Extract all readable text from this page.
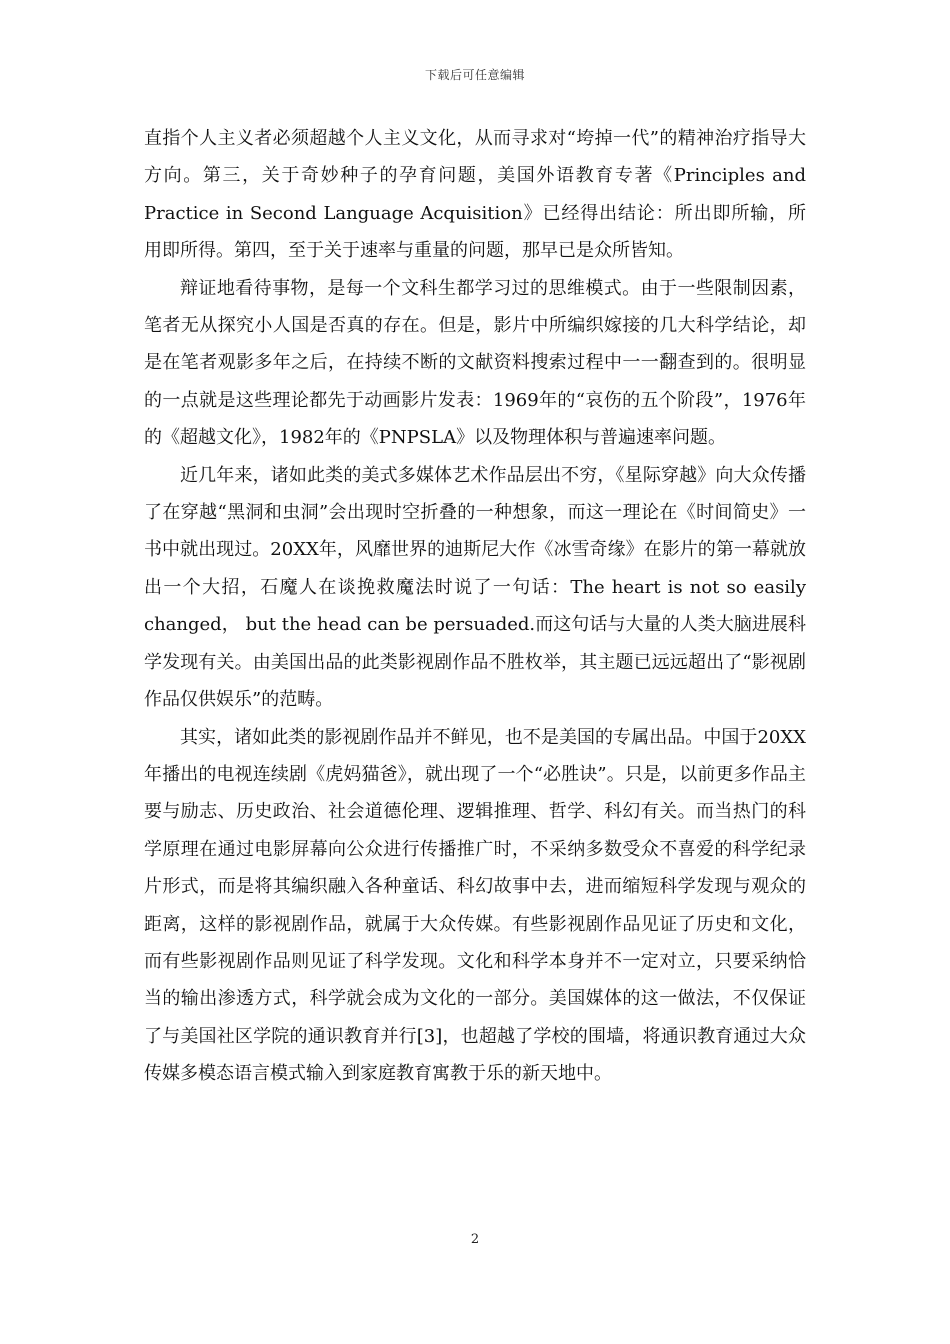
下载后可任意编辑

直指个人主义者必须超越个人主义文化，从而寻求对“垮掉一代”的精神治疗指导大方向。第三，关于奇妙种子的孕育问题，美国外语教育专著《Principles and Practice in Second Language Acquisition》已经得出结论：所出即所输，所用即所得。第四，至于关于速率与重量的问题，那早已是众所皆知。

辩证地看待事物，是每一个文科生都学习过的思维模式。由于一些限制因素，笔者无从探究小人国是否真的存在。但是，影片中所编织嫁接的几大科学结论，却是在笔者观影多年之后，在持续不断的文献资料搜索过程中一一翻查到的。很明显的一点就是这些理论都先于动画影片发表：1969年的“哀伤的五个阶段”，1976年的《超越文化》，1982年的《PNPSLA》以及物理体积与普遍速率问题。

近几年来，诸如此类的美式多媒体艺术作品层出不穷，《星际穿越》向大众传播了在穿越“黑洞和虫洞”会出现时空折叠的一种想象，而这一理论在《时间简史》一书中就出现过。20XX年，风靡世界的迪斯尼大作《冰雪奇缘》在影片的第一幕就放出一个大招，石魔人在谈挽救魔法时说了一句话：The heart is not so easily changed， but the head can be persuaded.而这句话与大量的人类大脑进展科学发现有关。由美国出品的此类影视剧作品不胜枚举，其主题已远远超出了“影视剧作品仅供娱乐”的范畴。

其实，诸如此类的影视剧作品并不鲜见，也不是美国的专属出品。中国于20XX年播出的电视连续剧《虎妈猫爸》，就出现了一个“必胜诀”。只是，以前更多作品主要与励志、历史政治、社会道德伦理、逻辑推理、哲学、科幻有关。而当热门的科学原理在通过电影屏幕向公众进行传播推广时，不采纳多数受众不喜爱的科学纪录片形式，而是将其编织融入各种童话、科幻故事中去，进而缩短科学发现与观众的距离，这样的影视剧作品，就属于大众传媒。有些影视剧作品见证了历史和文化，而有些影视剧作品则见证了科学发现。文化和科学本身并不一定对立，只要采纳恰当的输出渗透方式，科学就会成为文化的一部分。美国媒体的这一做法，不仅保证了与美国社区学院的通识教育并行[3]，也超越了学校的围墙，将通识教育通过大众传媒多模态语言模式输入到家庭教育寓教于乐的新天地中。

2
